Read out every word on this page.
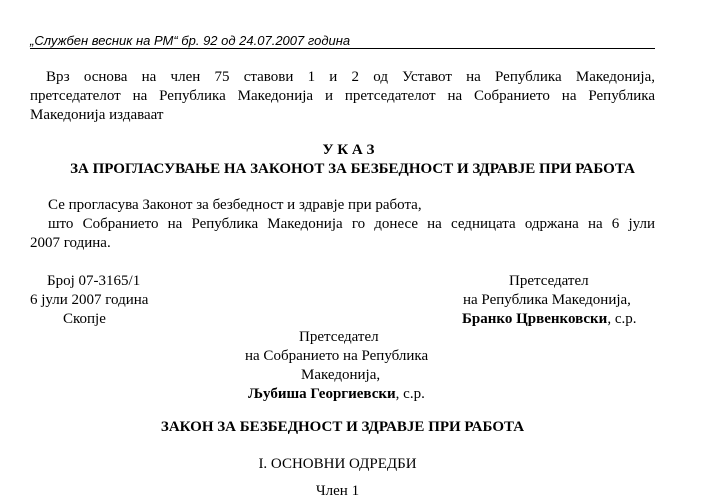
„Службен весник на РМ“ бр. 92 од 24.07.2007 година
Врз основа на член 75 ставови 1 и 2 од Уставот на Република Македонија,
претседателот на Република Македонија и претседателот на Собранието на Република
Македонија издаваат
У К А З
ЗА ПРОГЛАСУВАЊЕ НА ЗАКОНОТ ЗА БЕЗБЕДНОСТ И ЗДРАВЈЕ ПРИ РАБОТА
Се прогласува Законот за безбедност и здравје при работа,
што Собранието на Република Македонија го донесе на седницата одржана на 6 јули
2007 година.
Број 07-3165/1
6 јули 2007 година
Скопје
Претседател
на Република Македонија,
Бранко Црвенковски, с.р.
Претседател
на Собранието на Република
Македонија,
Љубиша Георгиевски, с.р.
ЗАКОН ЗА БЕЗБЕДНОСТ И ЗДРАВЈЕ ПРИ РАБОТА
I. ОСНОВНИ ОДРЕДБИ
Член 1
